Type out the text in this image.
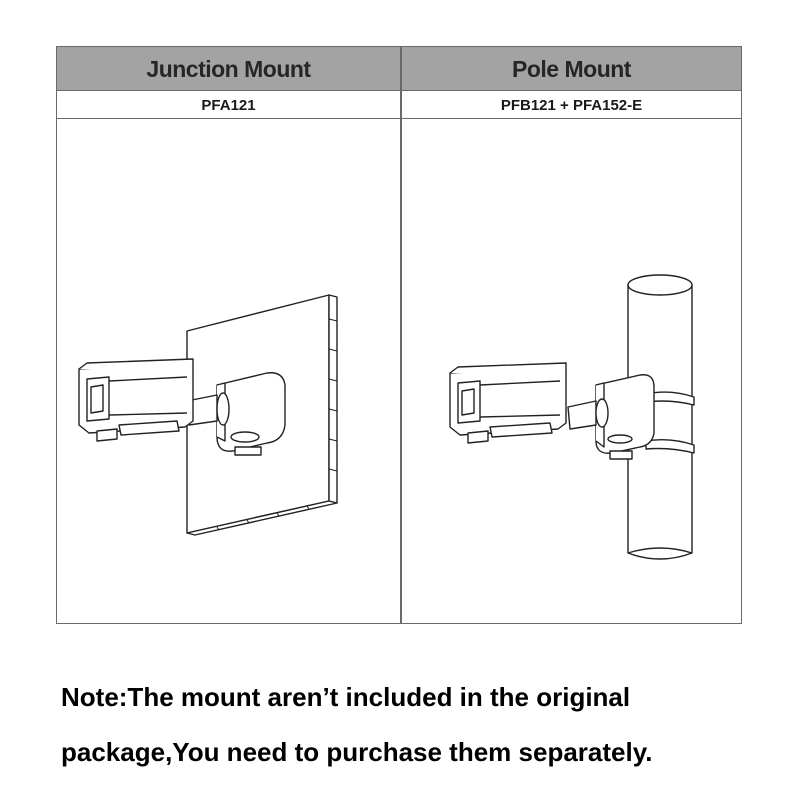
Junction Mount	Pole Mount
PFA121	PFB121 + PFA152-E
Note:The mount aren’t included in the original
package,You need to purchase them separately.
